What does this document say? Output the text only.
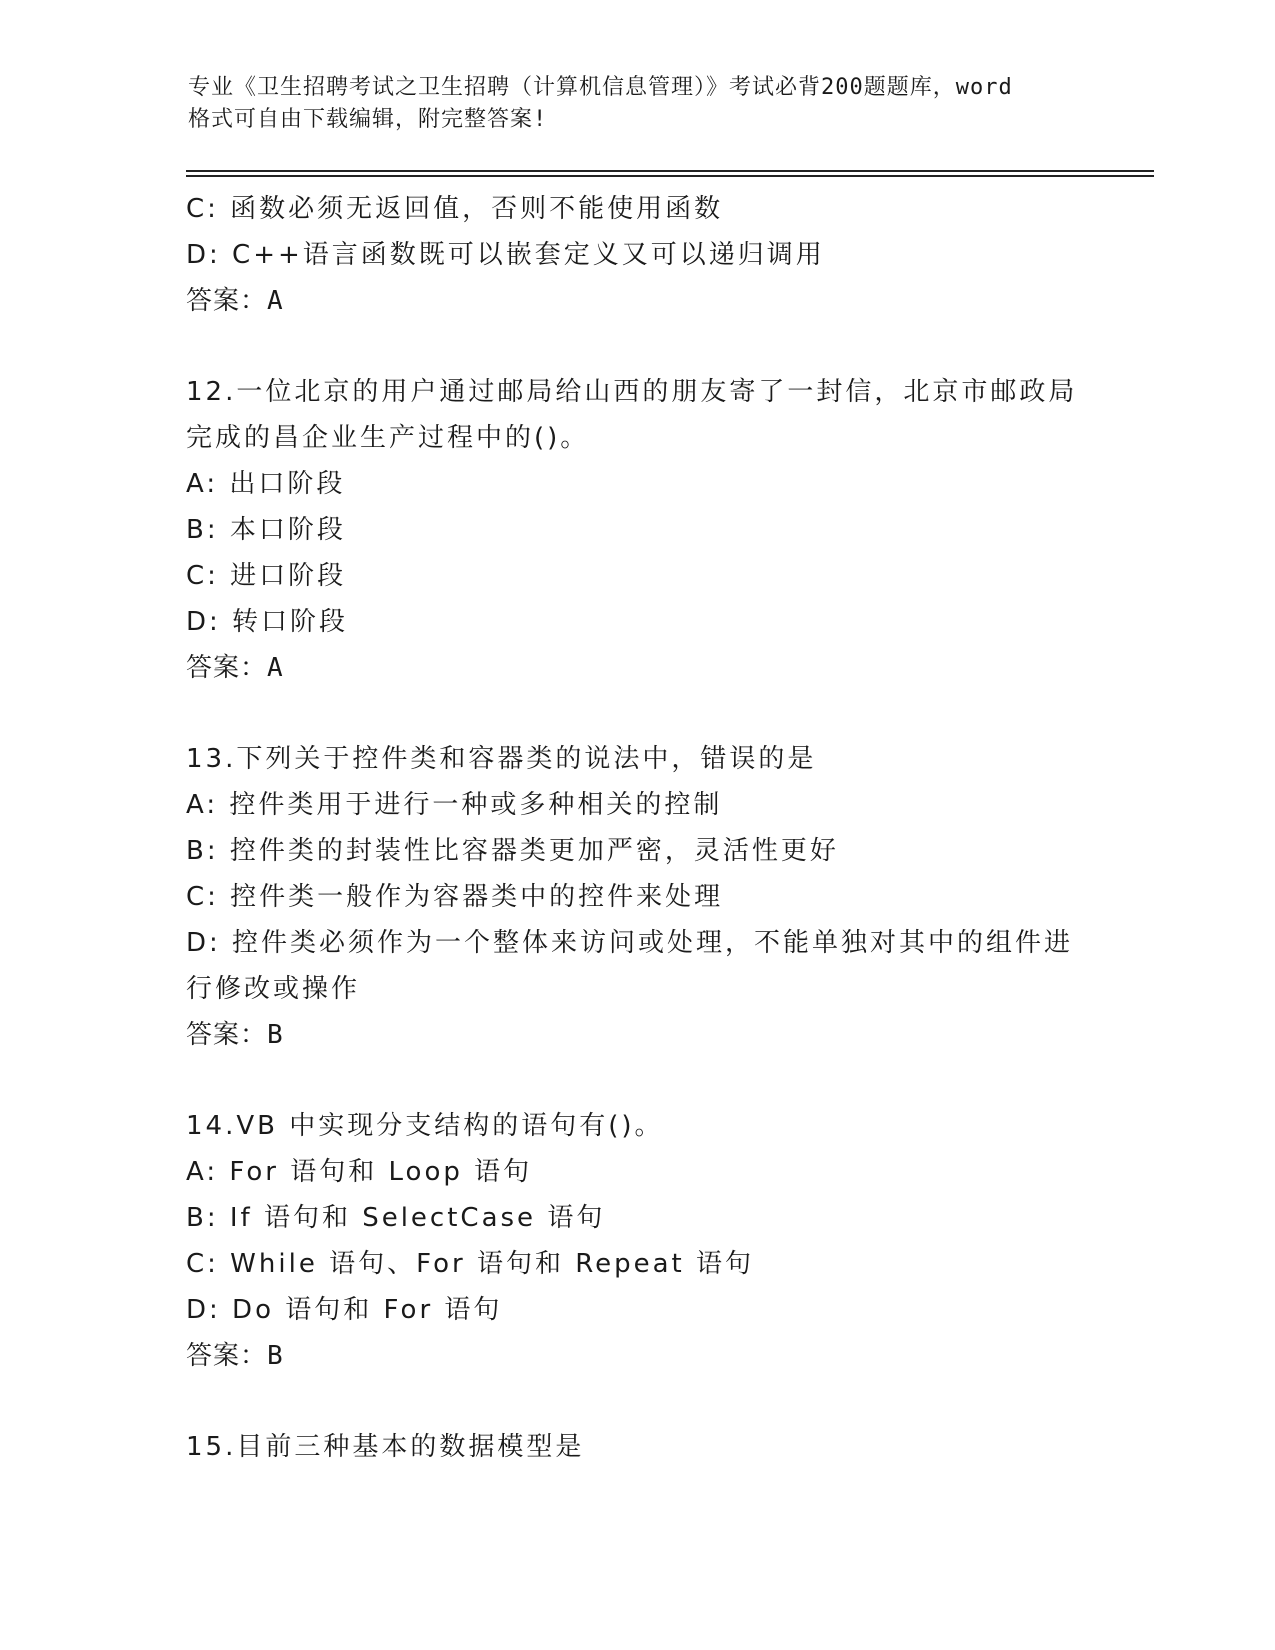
专业《卫生招聘考试之卫生招聘（计算机信息管理）》考试必背200题题库，word
格式可自由下载编辑，附完整答案!
C: 函数必须无返回值，否则不能使用函数
D: C++语言函数既可以嵌套定义又可以递归调用
答案：A
12.一位北京的用户通过邮局给山西的朋友寄了一封信，北京市邮政局
完成的昌企业生产过程中的()。
A: 出口阶段
B: 本口阶段
C: 进口阶段
D: 转口阶段
答案：A
13.下列关于控件类和容器类的说法中，错误的是
A: 控件类用于进行一种或多种相关的控制
B: 控件类的封装性比容器类更加严密，灵活性更好
C: 控件类一般作为容器类中的控件来处理
D: 控件类必须作为一个整体来访问或处理，不能单独对其中的组件进
行修改或操作
答案：B
14.VB 中实现分支结构的语句有()。
A: For 语句和 Loop 语句
B: If 语句和 SelectCase 语句
C: While 语句、For 语句和 Repeat 语句
D: Do 语句和 For 语句
答案：B
15.目前三种基本的数据模型是
